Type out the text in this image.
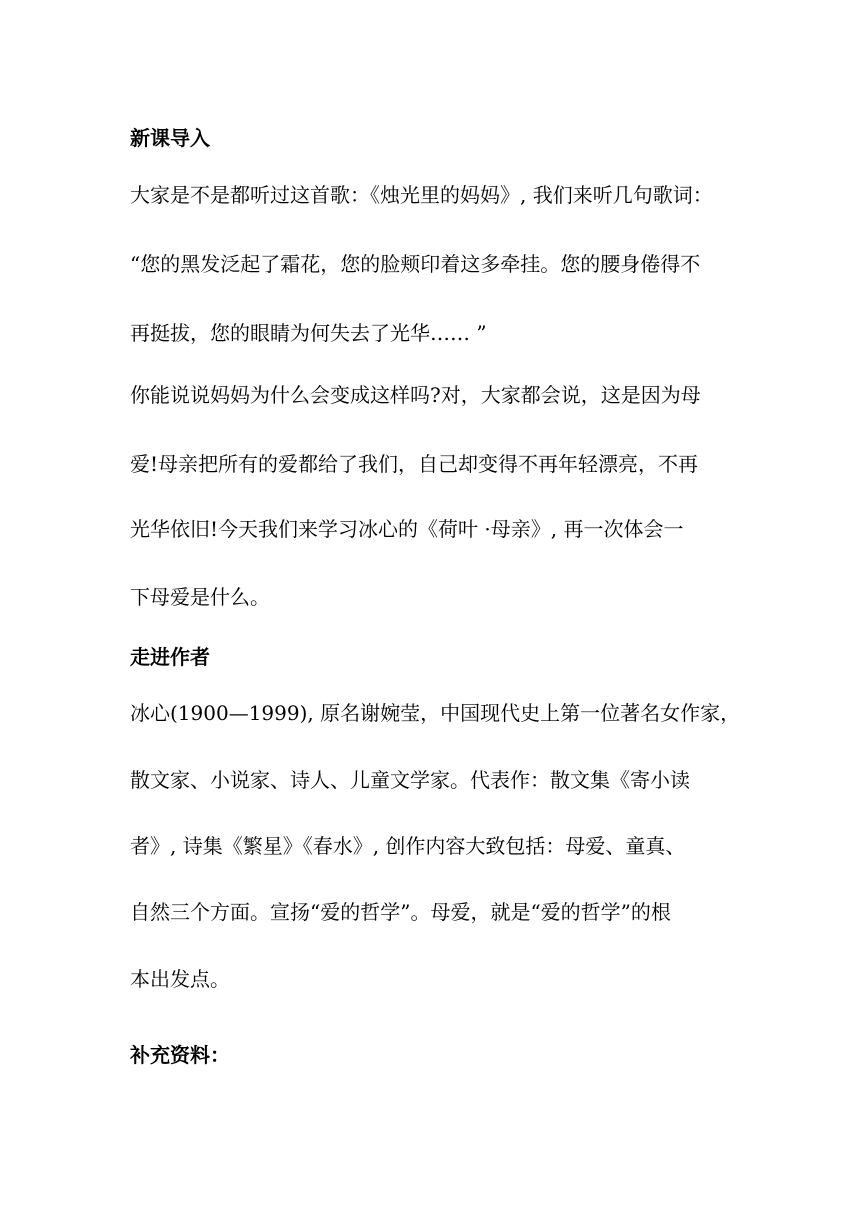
新课导入

大家是不是都听过这首歌：《烛光里的妈妈》, 我们来听几句歌词：

“您的黑发泛起了霜花，您的脸颊印着这多牵挂。您的腰身倦得不

再挺拔，您的眼睛为何失去了光华…… ”

你能说说妈妈为什么会变成这样吗?对，大家都会说，这是因为母

爱!母亲把所有的爱都给了我们，自己却变得不再年轻漂亮，不再

光华依旧!今天我们来学习冰心的《荷叶 ·母亲》, 再一次体会一

下母爱是什么。

走进作者

冰心(1900—1999), 原名谢婉莹，中国现代史上第一位著名女作家，

散文家、小说家、诗人、儿童文学家。代表作：散文集《寄小读

者》, 诗集《繁星》《春水》, 创作内容大致包括：母爱、童真、

自然三个方面。宣扬“爱的哲学”。母爱，就是“爱的哲学”的根

本出发点。

补充资料：
